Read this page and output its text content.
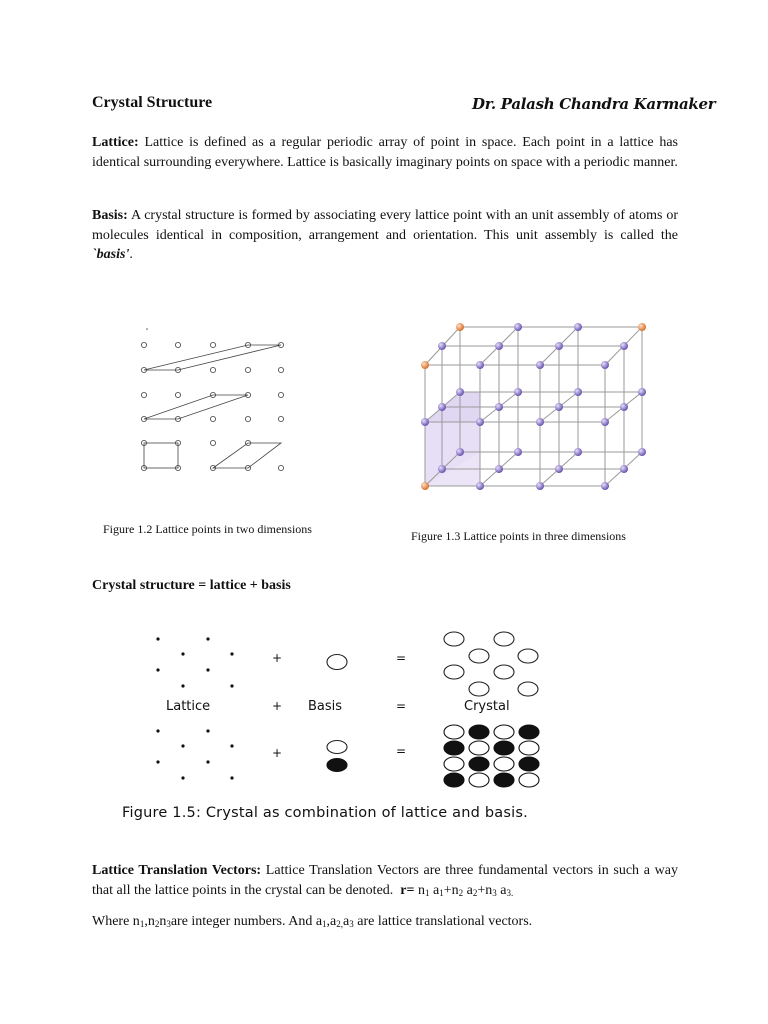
Crystal Structure	Dr. Palash Chandra Karmaker
Lattice: Lattice is defined as a regular periodic array of point in space. Each point in a lattice has identical surrounding everywhere. Lattice is basically imaginary points on space with a periodic manner.
Basis: A crystal structure is formed by associating every lattice point with an unit assembly of atoms or molecules identical in composition, arrangement and orientation. This unit assembly is called the `basis'.
Figure 1.2 Lattice points in two dimensions	Figure 1.3 Lattice points in three dimensions
Crystal structure = lattice + basis
+	=
Lattice	+ Basis	=	Crystal
+	=
Figure 1.5: Crystal as combination of lattice and basis.
Lattice Translation Vectors: Lattice Translation Vectors are three fundamental vectors in such a way that all the lattice points in the crystal can be denoted. $r= n_1$ $a_1+n_2$ $a_2+n_3$ $a_{3.}$
Where $n_1,n_2n_3are$ integer numbers. And $a_1,a_{2,}a_3$ are lattice translational vectors.
